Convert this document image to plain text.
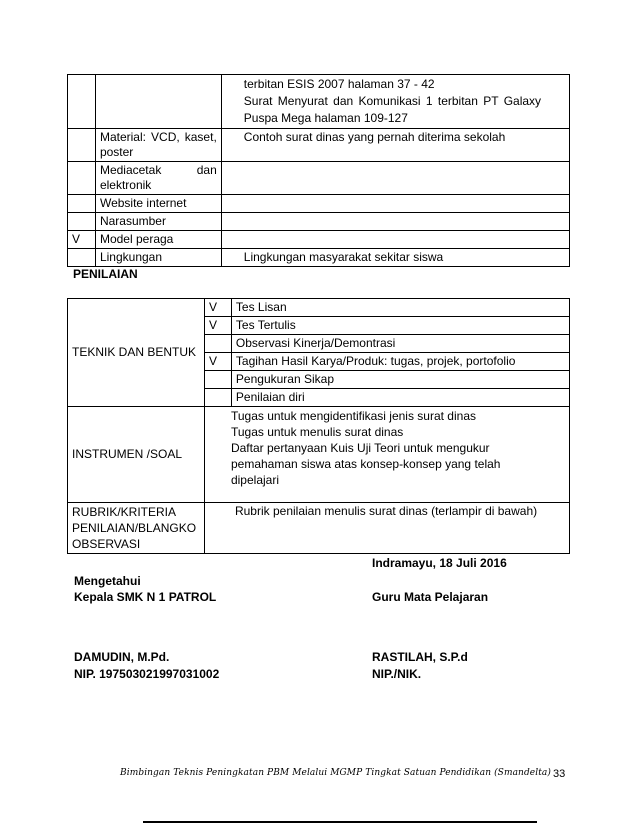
		terbitan ESIS 2007 halaman 37 - 42
Surat Menyurat dan Komunikasi 1 terbitan PT Galaxy
Puspa Mega halaman 109-127

	Material: VCD, kaset, poster	Contoh surat dinas yang pernah diterima sekolah
	Mediacetak dan elektronik	
	Website internet	
	Narasumber	
V	Model peraga	
	Lingkungan	Lingkungan masyarakat sekitar siswa
PENILAIAN
TEKNIK DAN BENTUK	V	Tes Lisan
	V	Tes Tertulis
		Observasi Kinerja/Demontrasi
	V	Tagihan Hasil Karya/Produk: tugas, projek, portofolio
		Pengukuran Sikap
		Penilaian diri
INSTRUMEN /SOAL	Tugas untuk mengidentifikasi jenis surat dinas
Tugas untuk menulis surat dinas
Daftar pertanyaan Kuis Uji Teori untuk mengukur
pemahaman siswa atas konsep-konsep yang telah
dipelajari	

RUBRIK/KRITERIA
PENILAIAN/BLANGKO
OBSERVASI	Rubrik penilaian menulis surat dinas (terlampir di bawah)	
Indramayu, 18 Juli 2016
Mengetahui
Kepala SMK N 1 PATROL	Guru Mata Pelajaran
DAMUDIN, M.Pd.
NIP. 197503021997031002
RASTILAH, S.P.d
NIP./NIK.
Bimbingan Teknis Peningkatan PBM Melalui MGMP Tingkat Satuan Pendidikan (Smandelta) 33
